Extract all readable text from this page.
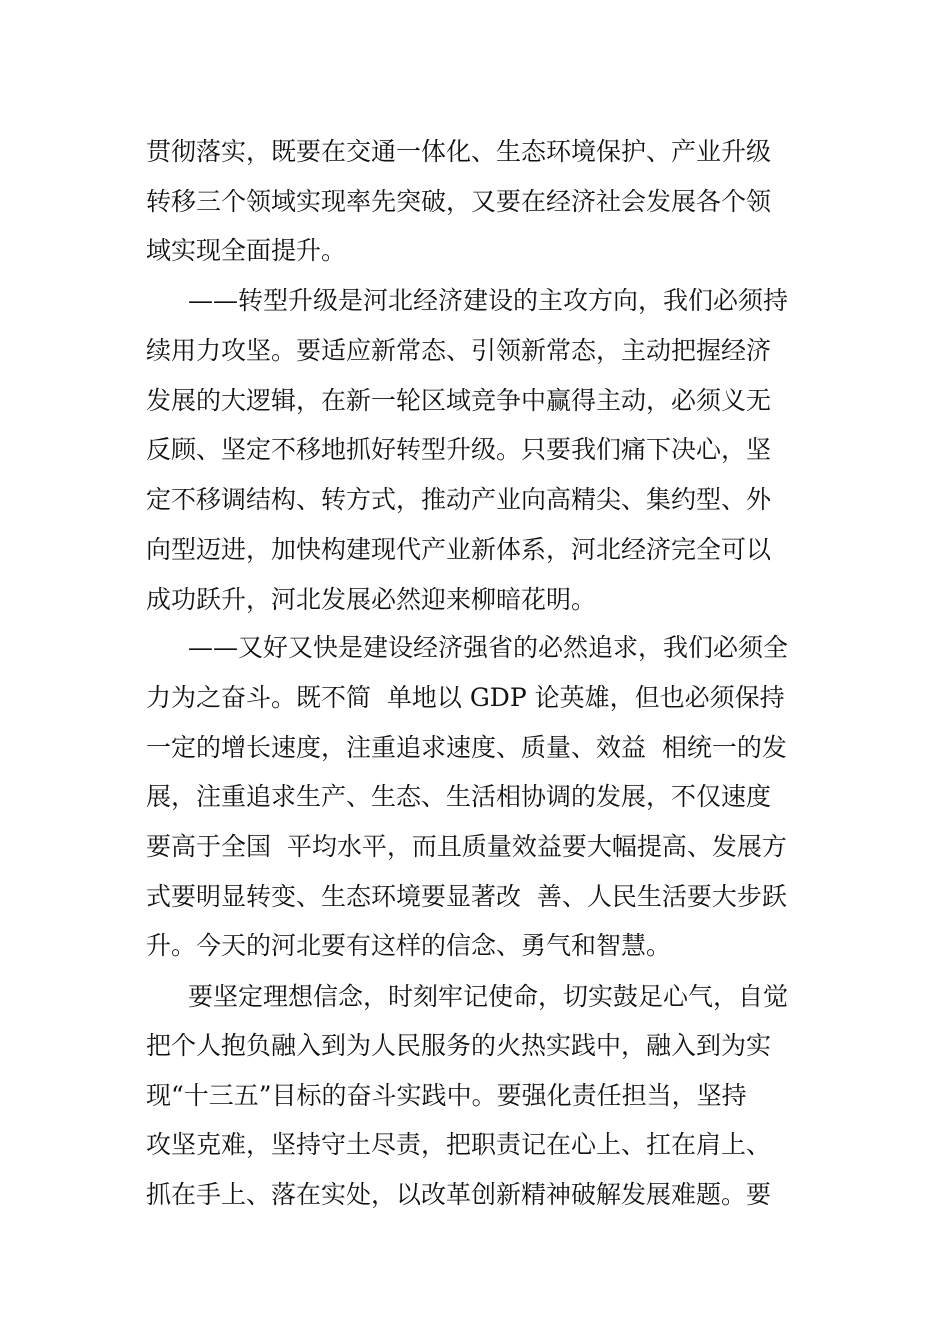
贯彻落实，既要在交通一体化、生态环境保护、产业升级
转移三个领域实现率先突破，又要在经济社会发展各个领
域实现全面提升。
——转型升级是河北经济建设的主攻方向，我们必须持
续用力攻坚。要适应新常态、引领新常态，主动把握经济
发展的大逻辑，在新一轮区域竞争中赢得主动，必须义无
反顾、坚定不移地抓好转型升级。只要我们痛下决心，坚
定不移调结构、转方式，推动产业向高精尖、集约型、外
向型迈进，加快构建现代产业新体系，河北经济完全可以
成功跃升，河北发展必然迎来柳暗花明。
——又好又快是建设经济强省的必然追求，我们必须全
力为之奋斗。既不简  单地以 GDP 论英雄，但也必须保持
一定的增长速度，注重追求速度、质量、效益  相统一的发
展，注重追求生产、生态、生活相协调的发展，不仅速度
要高于全国  平均水平，而且质量效益要大幅提高、发展方
式要明显转变、生态环境要显著改  善、人民生活要大步跃
升。今天的河北要有这样的信念、勇气和智慧。
要坚定理想信念，时刻牢记使命，切实鼓足心气，自觉
把个人抱负融入到为人民服务的火热实践中，融入到为实
现“十三五”目标的奋斗实践中。要强化责任担当，坚持
攻坚克难，坚持守土尽责，把职责记在心上、扛在肩上、
抓在手上、落在实处，以改革创新精神破解发展难题。要
